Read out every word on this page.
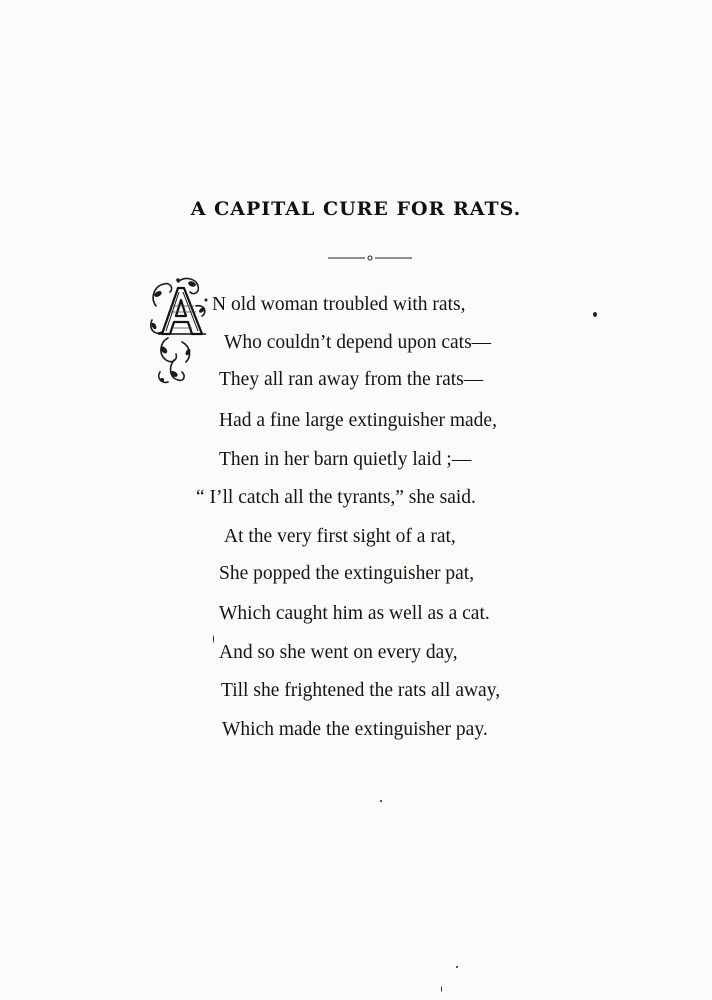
A CAPITAL CURE FOR RATS.
N old woman troubled with rats,
Who couldn’t depend upon cats—
They all ran away from the rats—
Had a fine large extinguisher made,
Then in her barn quietly laid ;—
“ I’ll catch all the tyrants,” she said.
At the very first sight of a rat,
She popped the extinguisher pat,
Which caught him as well as a cat.
And so she went on every day,
Till she frightened the rats all away,
Which made the extinguisher pay.
